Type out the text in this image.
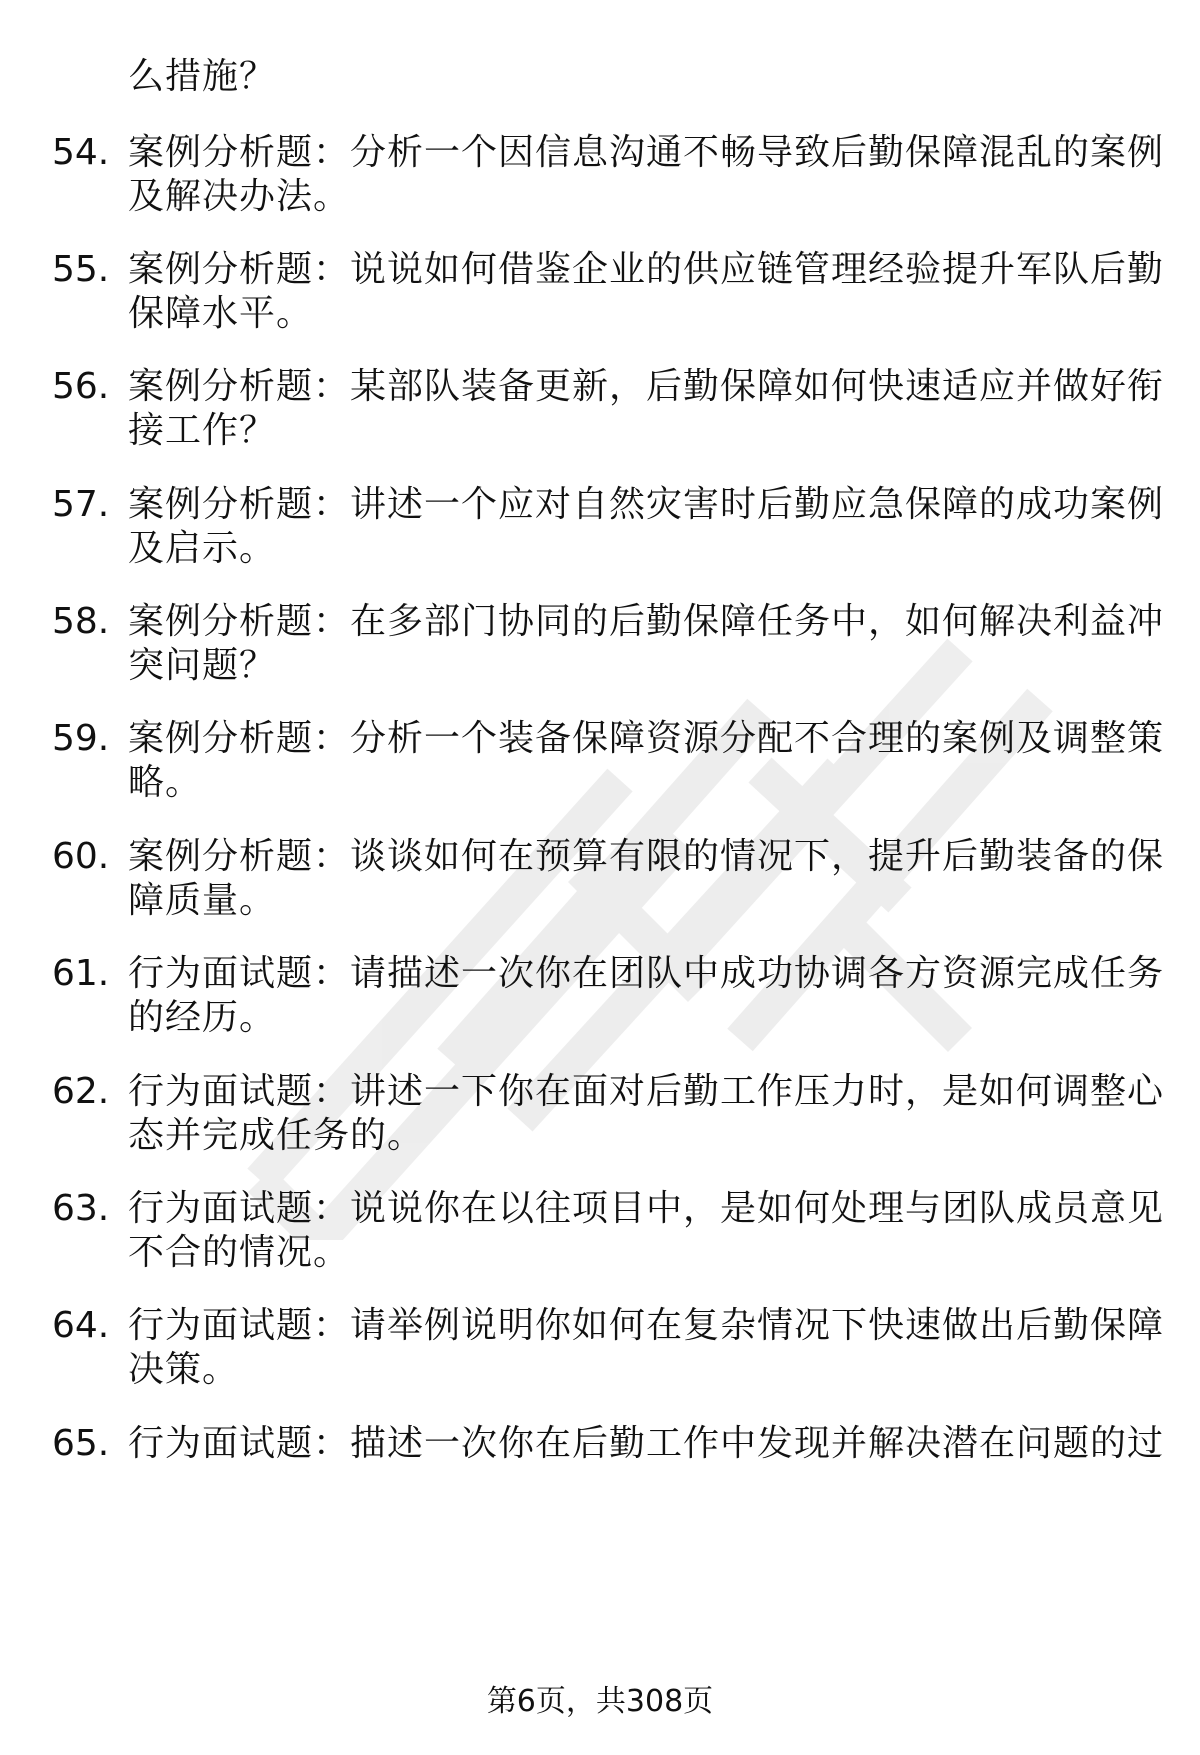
么措施？
54. 案例分析题：分析一个因信息沟通不畅导致后勤保障混乱的案例
及解决办法。
55. 案例分析题：说说如何借鉴企业的供应链管理经验提升军队后勤
保障水平。
56. 案例分析题：某部队装备更新，后勤保障如何快速适应并做好衔
接工作？
57. 案例分析题：讲述一个应对自然灾害时后勤应急保障的成功案例
及启示。
58. 案例分析题：在多部门协同的后勤保障任务中，如何解决利益冲
突问题？
59. 案例分析题：分析一个装备保障资源分配不合理的案例及调整策
略。
60. 案例分析题：谈谈如何在预算有限的情况下，提升后勤装备的保
障质量。
61. 行为面试题：请描述一次你在团队中成功协调各方资源完成任务
的经历。
62. 行为面试题：讲述一下你在面对后勤工作压力时，是如何调整心
态并完成任务的。
63. 行为面试题：说说你在以往项目中，是如何处理与团队成员意见
不合的情况。
64. 行为面试题：请举例说明你如何在复杂情况下快速做出后勤保障
决策。
65. 行为面试题：描述一次你在后勤工作中发现并解决潜在问题的过
第6页，共308页
